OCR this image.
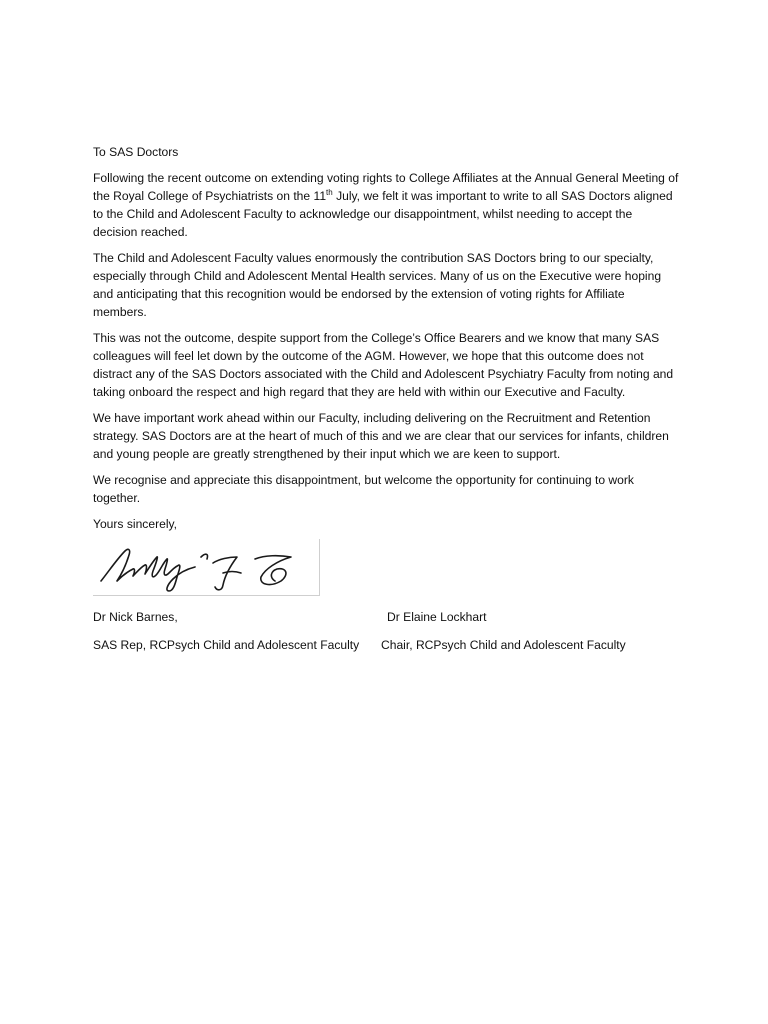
To SAS Doctors

Following the recent outcome on extending voting rights to College Affiliates at the Annual General Meeting of the Royal College of Psychiatrists on the 11th July, we felt it was important to write to all SAS Doctors aligned to the Child and Adolescent Faculty to acknowledge our disappointment, whilst needing to accept the decision reached.

The Child and Adolescent Faculty values enormously the contribution SAS Doctors bring to our specialty, especially through Child and Adolescent Mental Health services. Many of us on the Executive were hoping and anticipating that this recognition would be endorsed by the extension of voting rights for Affiliate members.

This was not the outcome, despite support from the College’s Office Bearers and we know that many SAS colleagues will feel let down by the outcome of the AGM. However, we hope that this outcome does not distract any of the SAS Doctors associated with the Child and Adolescent Psychiatry Faculty from noting and taking onboard the respect and high regard that they are held with within our Executive and Faculty.

We have important work ahead within our Faculty, including delivering on the Recruitment and Retention strategy. SAS Doctors are at the heart of much of this and we are clear that our services for infants, children and young people are greatly strengthened by their input which we are keen to support.

We recognise and appreciate this disappointment, but welcome the opportunity for continuing to work together.

Yours sincerely,
Dr Nick Barnes,
SAS Rep, RCPsych Child and Adolescent Faculty
Dr Elaine Lockhart
Chair, RCPsych Child and Adolescent Faculty
